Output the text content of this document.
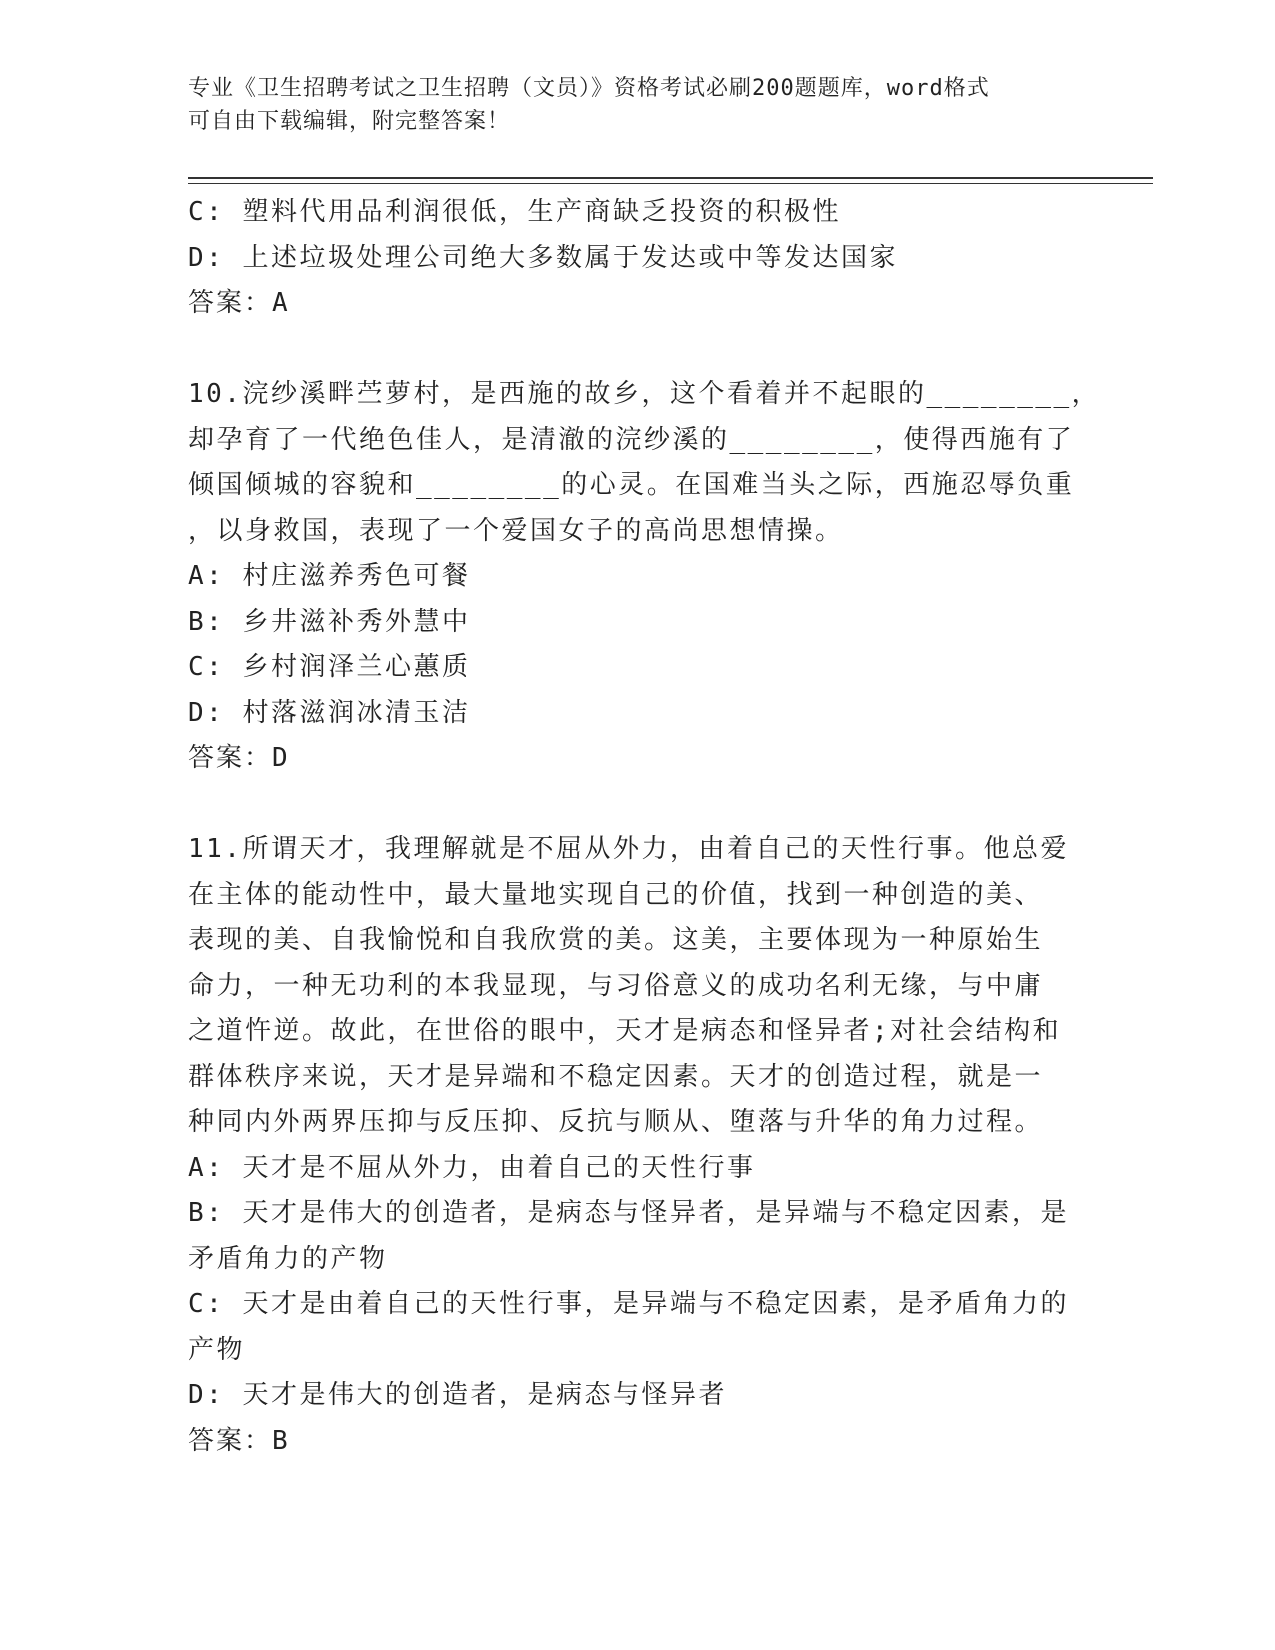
专业《卫生招聘考试之卫生招聘（文员）》资格考试必刷200题题库，word格式
可自由下载编辑，附完整答案！
C: 塑料代用品利润很低，生产商缺乏投资的积极性
D: 上述垃圾处理公司绝大多数属于发达或中等发达国家
答案：A
10.浣纱溪畔苎萝村，是西施的故乡，这个看着并不起眼的________，
却孕育了一代绝色佳人，是清澈的浣纱溪的________，使得西施有了
倾国倾城的容貌和________的心灵。在国难当头之际，西施忍辱负重
，以身救国，表现了一个爱国女子的高尚思想情操。
A: 村庄滋养秀色可餐
B: 乡井滋补秀外慧中
C: 乡村润泽兰心蕙质
D: 村落滋润冰清玉洁
答案：D
11.所谓天才，我理解就是不屈从外力，由着自己的天性行事。他总爱
在主体的能动性中，最大量地实现自己的价值，找到一种创造的美、
表现的美、自我愉悦和自我欣赏的美。这美，主要体现为一种原始生
命力，一种无功利的本我显现，与习俗意义的成功名利无缘，与中庸
之道忤逆。故此，在世俗的眼中，天才是病态和怪异者;对社会结构和
群体秩序来说，天才是异端和不稳定因素。天才的创造过程，就是一
种同内外两界压抑与反压抑、反抗与顺从、堕落与升华的角力过程。
A: 天才是不屈从外力，由着自己的天性行事
B: 天才是伟大的创造者，是病态与怪异者，是异端与不稳定因素，是
矛盾角力的产物
C: 天才是由着自己的天性行事，是异端与不稳定因素，是矛盾角力的
产物
D: 天才是伟大的创造者，是病态与怪异者
答案：B
